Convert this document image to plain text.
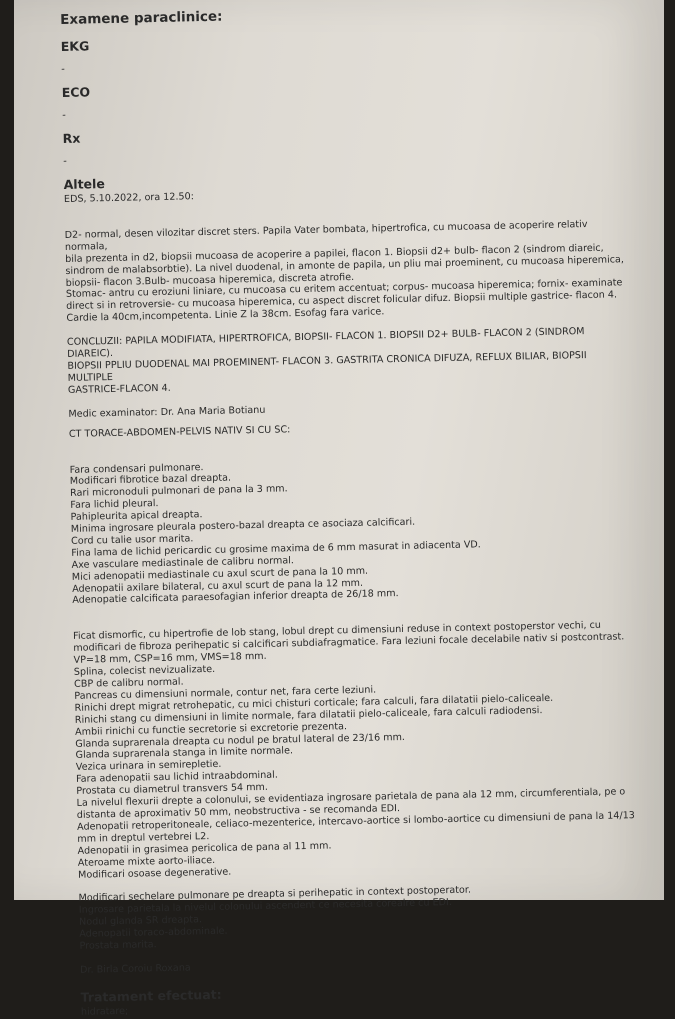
Examene paraclinice:

EKG

-

ECO

-

Rx

-

Altele

EDS, 5.10.2022, ora 12.50:

D2- normal, desen vilozitar discret sters. Papila Vater bombata, hipertrofica, cu mucoasa de acoperire relativ normala,
bila prezenta in d2, biopsii mucoasa de acoperire a papilei, flacon 1. Biopsii d2+ bulb- flacon 2 (sindrom diareic,
sindrom de malabsorbtie). La nivel duodenal, in amonte de papila, un pliu mai proeminent, cu mucoasa hiperemica,
biopsii- flacon 3.Bulb- mucoasa hiperemica, discreta atrofie.
Stomac- antru cu eroziuni liniare, cu mucoasa cu eritem accentuat; corpus- mucoasa hiperemica; fornix- examinate
direct si in retroversie- cu mucoasa hiperemica, cu aspect discret folicular difuz. Biopsii multiple gastrice- flacon 4.
Cardie la 40cm,incompetenta. Linie Z la 38cm. Esofag fara varice.

CONCLUZII: PAPILA MODIFIATA, HIPERTROFICA, BIOPSII- FLACON 1. BIOPSII D2+ BULB- FLACON 2 (SINDROM DIAREIC).
BIOPSII PPLIU DUODENAL MAI PROEMINENT- FLACON 3. GASTRITA CRONICA DIFUZA, REFLUX BILIAR, BIOPSII MULTIPLE
GASTRICE-FLACON 4.

Medic examinator: Dr. Ana Maria Botianu

CT TORACE-ABDOMEN-PELVIS NATIV SI CU SC:

Fara condensari pulmonare.
Modificari fibrotice bazal dreapta.
Rari micronoduli pulmonari de pana la 3 mm.
Fara lichid pleural.
Pahipleurita apical dreapta.
Minima ingrosare pleurala postero-bazal dreapta ce asociaza calcificari.
Cord cu talie usor marita.
Fina lama de lichid pericardic cu grosime maxima de 6 mm masurat in adiacenta VD.
Axe vasculare mediastinale de calibru normal.
Mici adenopatii mediastinale cu axul scurt de pana la 10 mm.
Adenopatii axilare bilateral, cu axul scurt de pana la 12 mm.
Adenopatie calcificata paraesofagian inferior dreapta de 26/18 mm.

Ficat dismorfic, cu hipertrofie de lob stang, lobul drept cu dimensiuni reduse in context postoperstor vechi, cu
modificari de fibroza perihepatic si calcificari subdiafragmatice. Fara leziuni focale decelabile nativ si postcontrast.
VP=18 mm, CSP=16 mm, VMS=18 mm.
Splina, colecist nevizualizate.
CBP de calibru normal.
Pancreas cu dimensiuni normale, contur net, fara certe leziuni.
Rinichi drept migrat retrohepatic, cu mici chisturi corticale; fara calculi, fara dilatatii pielo-caliceale.
Rinichi stang cu dimensiuni in limite normale, fara dilatatii pielo-caliceale, fara calculi radiodensi.
Ambii rinichi cu functie secretorie si excretorie prezenta.
Glanda suprarenala dreapta cu nodul pe bratul lateral de 23/16 mm.
Glanda suprarenala stanga in limite normale.
Vezica urinara in semirepletie.
Fara adenopatii sau lichid intraabdominal.
Prostata cu diametrul transvers 54 mm.
La nivelul flexurii drepte a colonului, se evidentiaza ingrosare parietala de pana ala 12 mm, circumferentiala, pe o
distanta de aproximativ 50 mm, neobstructiva - se recomanda EDI.
Adenopatii retroperitoneale, celiaco-mezenterice, intercavo-aortice si lombo-aortice cu dimensiuni de pana la 14/13
mm in dreptul vertebrei L2.
Adenopatii in grasimea pericolica de pana al 11 mm.
Ateroame mixte aorto-iliace.
Modificari osoase degenerative.

Modificari sechelare pulmonare pe dreapta si perihepatic in context postoperator.
Ingrosare parietala la nivelul colonului ascendent ce necesita corealre cu EDI.
Nodul glanda SR dreapta.
Adenopatii toraco-abdominale.
Prostata marita.

Dr. Birla Coroiu Roxana

Tratament efectuat:

hidratare;
